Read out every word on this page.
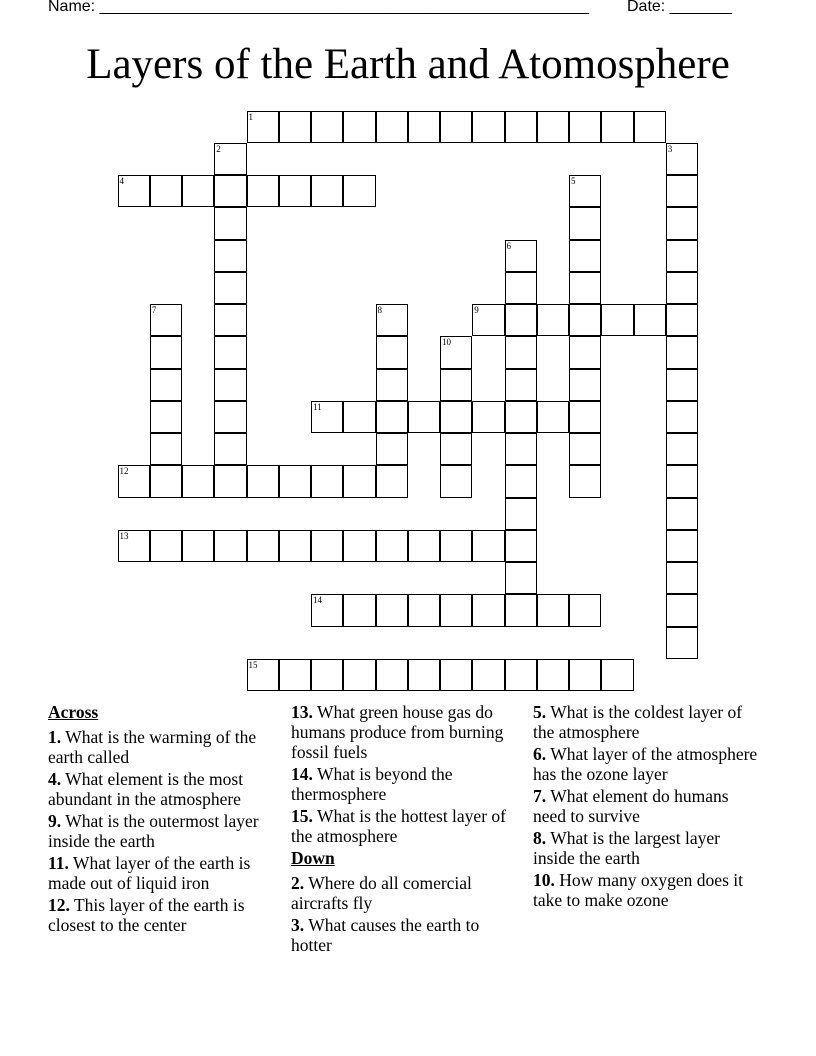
Name: _______________________________________________________ Date: _______
Layers of the Earth and Atomosphere
1
2	3
4	5
6
7	8	9
10
11
12
13
14
15
Across
1. What is the warming of the earth called
4. What element is the most abundant in the atmosphere
9. What is the outermost layer inside the earth
11. What layer of the earth is made out of liquid iron
12. This layer of the earth is closest to the center
13. What green house gas do humans produce from burning fossil fuels
14. What is beyond the thermosphere
15. What is the hottest layer of the atmosphere
Down
2. Where do all comercial aircrafts fly
3. What causes the earth to hotter
5. What is the coldest layer of the atmosphere
6. What layer of the atmosphere has the ozone layer
7. What element do humans need to survive
8. What is the largest layer inside the earth
10. How many oxygen does it take to make ozone
